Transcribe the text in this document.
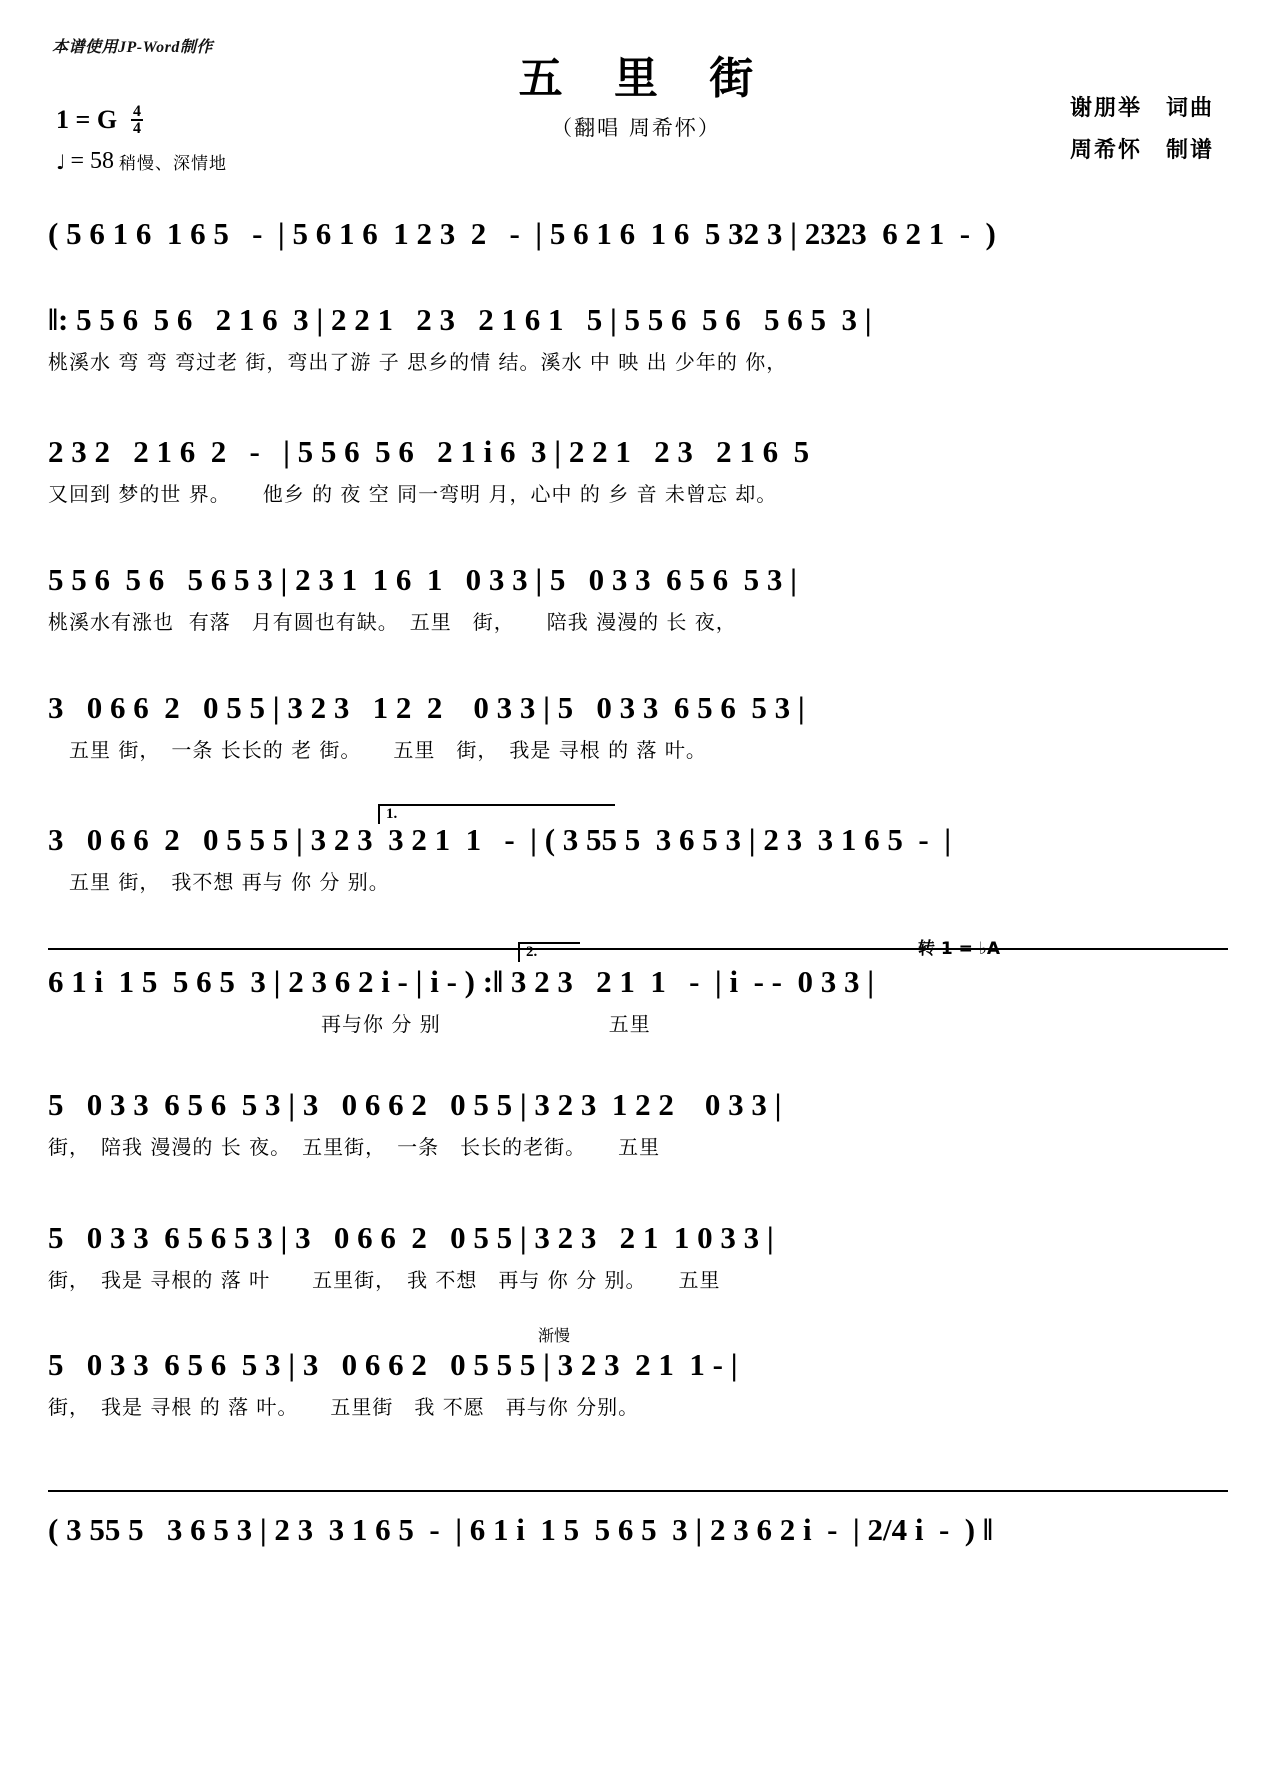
本谱使用JP-Word制作
五 里 街
（翻唱 周希怀）
谢朋举　词曲
周希怀　制谱
1 = G $\frac{4}{4}$
♩ = 58 稍慢、深情地
( 5 6 1 6  1 6 5   -  | 5 6 1 6  1 2 3  2   -  | 5 6 1 6  1 6  5 32 3 | 2323  6 2 1  -  )
‖: 5 5 6  5 6   2 1 6  3 | 2 2 1   2 3   2 1 6 1   5 | 5 5 6  5 6   5 6 5  3 |
桃溪水 弯 弯 弯过老 街，弯出了游 子 思乡的情 结。溪水 中 映 出 少年的 你，
2 3 2   2 1 6  2   -   | 5 5 6  5 6   2 1 i 6  3 | 2 2 1   2 3   2 1 6  5
又回到 梦的世 界。　　他乡 的 夜 空 同一弯明 月，心中 的 乡 音 未曾忘 却。
5 5 6  5 6   5 6 5 3 | 2 3 1  1 6  1   0 3 3 | 5   0 3 3  6 5 6  5 3 |
桃溪水有涨也  有落　月有圆也有缺。　五里　街，　　陪我 漫漫的 长 夜，
3   0 6 6  2   0 5 5 | 3 2 3   1 2  2    0 3 3 | 5   0 3 3  6 5 6  5 3 |
　五里 街，　一条 长长的 老 街。　　五里　街，　我是 寻根 的 落 叶。
1.
3   0 6 6  2   0 5 5 5 | 3 2 3  3 2 1  1   -  | ( 3 55 5  3 6 5 3 | 2 3  3 1 6 5  -  |
　五里 街，　我不想 再与 你 分 别。
2.	转 1 = ♭A
6 1 i  1 5  5 6 5  3 | 2 3 6 2 i - | i - ) :‖ 3 2 3   2 1  1   -  | i  - -  0 3 3 |
　　　　　　　　　　　　　再与你 分 别　　　　　　　　五里
5   0 3 3  6 5 6  5 3 | 3   0 6 6 2   0 5 5 | 3 2 3  1 2 2    0 3 3 |
街，　陪我 漫漫的 长 夜。　五里街，　一条　长长的老街。　　五里
5   0 3 3  6 5 6 5 3 | 3   0 6 6  2   0 5 5 | 3 2 3   2 1  1 0 3 3 |
街，　我是 寻根的 落 叶　　五里街，　我 不想　再与 你 分 别。　　五里
渐慢
5   0 3 3  6 5 6  5 3 | 3   0 6 6 2   0 5 5 5 | 3 2 3  2 1  1 - |
街，　我是 寻根 的 落 叶。　　五里街　我 不愿　再与你 分别。
( 3 55 5   3 6 5 3 | 2 3  3 1 6 5  -  | 6 1 i  1 5  5 6 5  3 | 2 3 6 2 i  -  | 2/4 i  -  ) ‖
